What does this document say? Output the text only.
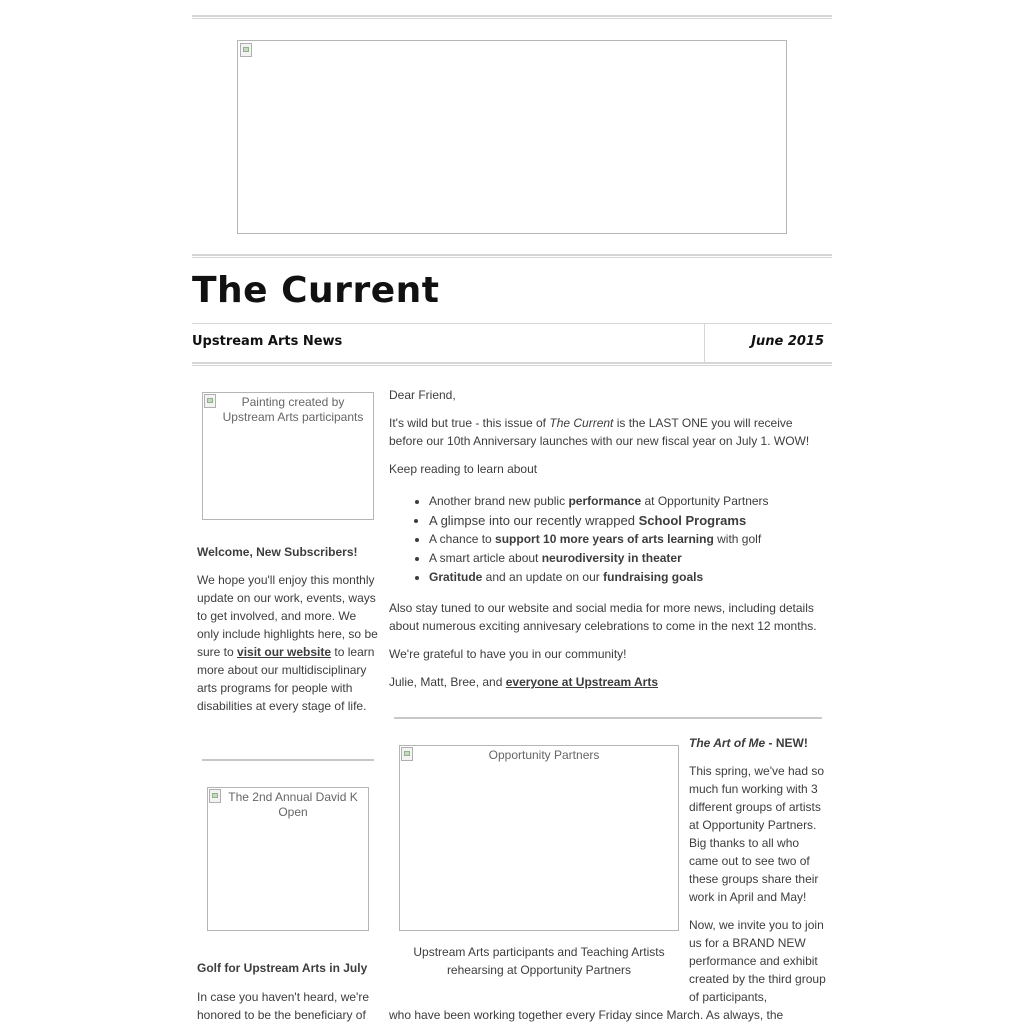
The Current
Upstream Arts News	June 2015
Painting created by Upstream Arts participants
Welcome, New Subscribers!
We hope you'll enjoy this monthly update on our work, events, ways to get involved, and more. We only include highlights here, so be sure to visit our website to learn more about our multidisciplinary arts programs for people with disabilities at every stage of life.
The 2nd Annual David K Open
Golf for Upstream Arts in July
In case you haven't heard, we're honored to be the beneficiary of
Dear Friend,
It's wild but true - this issue of The Current is the LAST ONE you will receive before our 10th Anniversary launches with our new fiscal year on July 1. WOW!
Keep reading to learn about
• Another brand new public performance at Opportunity Partners
• A glimpse into our recently wrapped School Programs
• A chance to support 10 more years of arts learning with golf
• A smart article about neurodiversity in theater
• Gratitude and an update on our fundraising goals
Also stay tuned to our website and social media for more news, including details about numerous exciting annivesary celebrations to come in the next 12 months.
We're grateful to have you in our community!
Julie, Matt, Bree, and everyone at Upstream Arts
Opportunity Partners
Upstream Arts participants and Teaching Artists rehearsing at Opportunity Partners
The Art of Me - NEW!
This spring, we've had so much fun working with 3 different groups of artists at Opportunity Partners. Big thanks to all who came out to see two of these groups share their work in April and May!
Now, we invite you to join us for a BRAND NEW performance and exhibit created by the third group of participants,
who have been working together every Friday since March. As always, the
